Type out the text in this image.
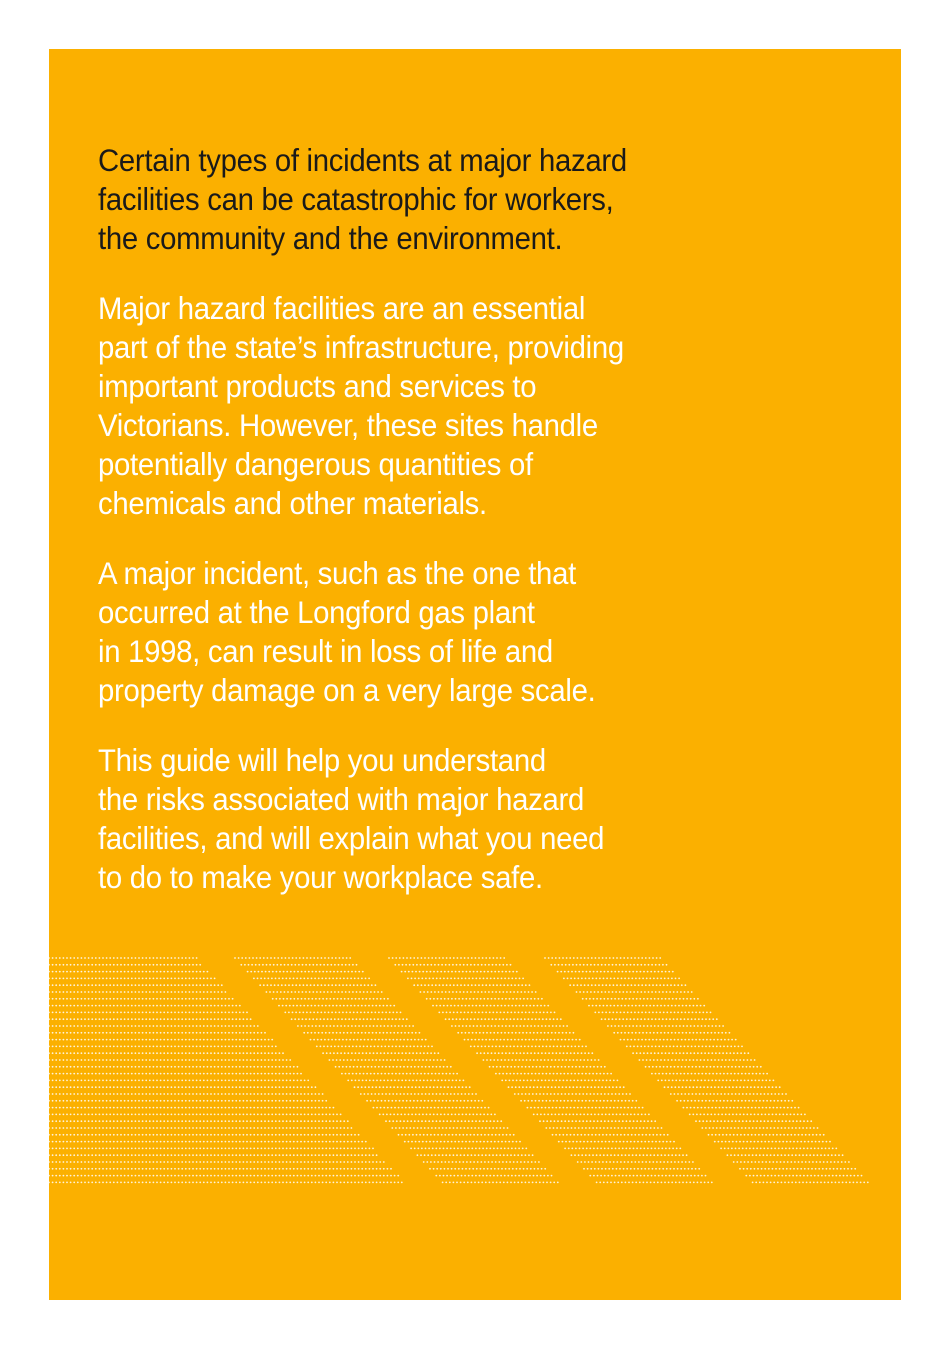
Certain types of incidents at major hazard
facilities can be catastrophic for workers,
the community and the environment.

Major hazard facilities are an essential
part of the state’s infrastructure, providing
important products and services to
Victorians. However, these sites handle
potentially dangerous quantities of
chemicals and other materials.

A major incident, such as the one that
occurred at the Longford gas plant
in 1998, can result in loss of life and
property damage on a very large scale.

This guide will help you understand
the risks associated with major hazard
facilities, and will explain what you need
to do to make your workplace safe.
